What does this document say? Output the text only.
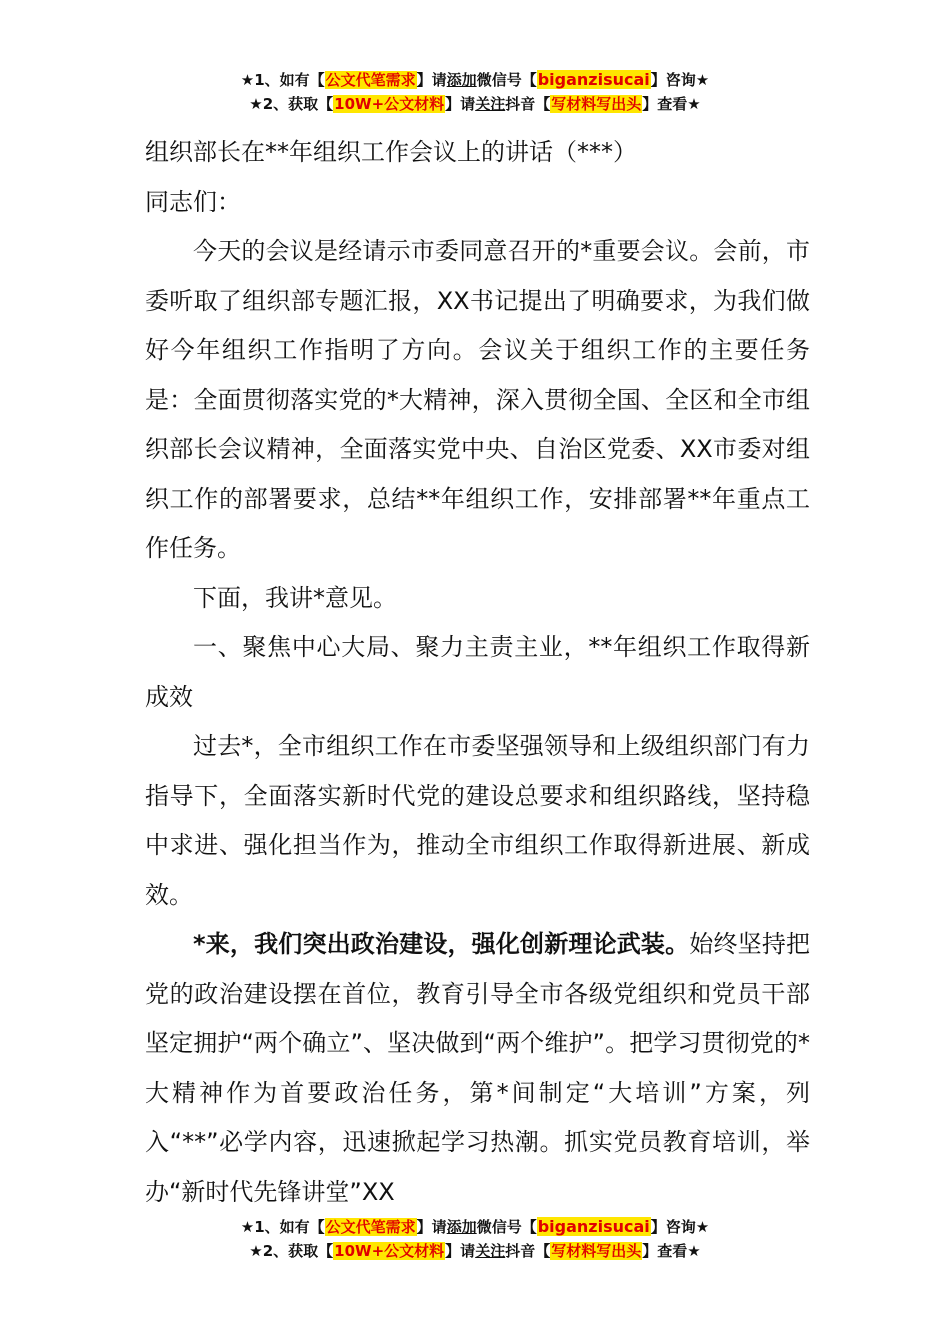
★1、如有【公文代笔需求】请添加微信号【biganzisucai】咨询★
★2、获取【10W+公文材料】请关注抖音【写材料写出头】查看★

组织部长在**年组织工作会议上的讲话（***）

同志们：

今天的会议是经请示市委同意召开的*重要会议。会前，市委听取了组织部专题汇报，XX书记提出了明确要求，为我们做好今年组织工作指明了方向。会议关于组织工作的主要任务是：全面贯彻落实党的*大精神，深入贯彻全国、全区和全市组织部长会议精神，全面落实党中央、自治区党委、XX市委对组织工作的部署要求，总结**年组织工作，安排部署**年重点工作任务。

下面，我讲*意见。

一、聚焦中心大局、聚力主责主业，**年组织工作取得新成效

过去*，全市组织工作在市委坚强领导和上级组织部门有力指导下，全面落实新时代党的建设总要求和组织路线，坚持稳中求进、强化担当作为，推动全市组织工作取得新进展、新成效。

*来，我们突出政治建设，强化创新理论武装。始终坚持把党的政治建设摆在首位，教育引导全市各级党组织和党员干部坚定拥护“两个确立”、坚决做到“两个维护”。把学习贯彻党的*大精神作为首要政治任务，第*间制定“大培训”方案，列入“**”必学内容，迅速掀起学习热潮。抓实党员教育培训，举办“新时代先锋讲堂”XX

★1、如有【公文代笔需求】请添加微信号【biganzisucai】咨询★
★2、获取【10W+公文材料】请关注抖音【写材料写出头】查看★
